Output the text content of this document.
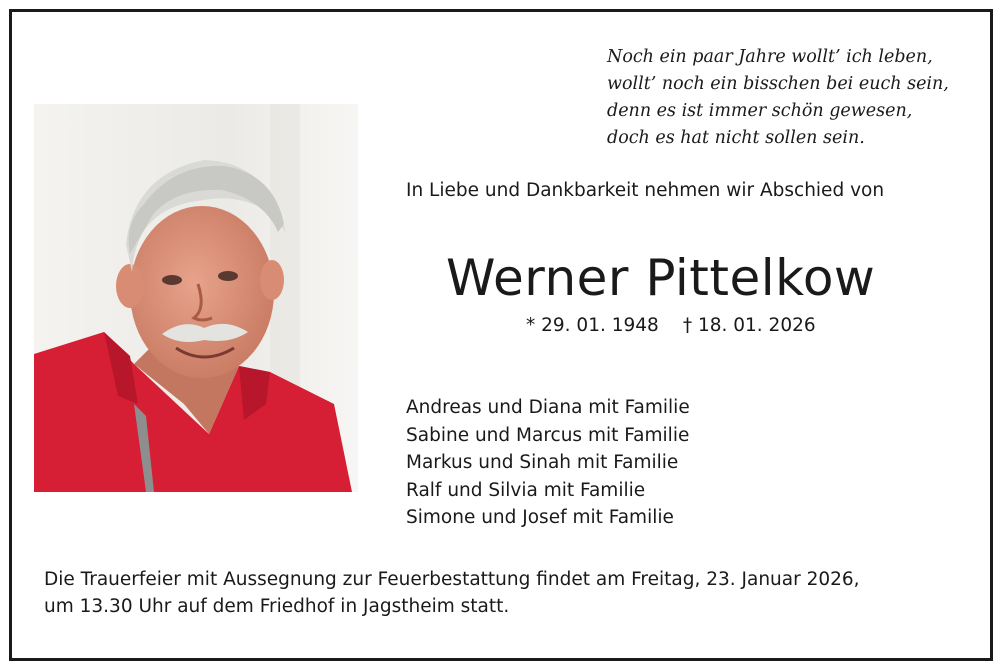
Noch ein paar Jahre wollt’ ich leben,
wollt’ noch ein bisschen bei euch sein,
denn es ist immer schön gewesen,
doch es hat nicht sollen sein.
In Liebe und Dankbarkeit nehmen wir Abschied von
Werner Pittelkow
* 29. 01. 1948 † 18. 01. 2026
Andreas und Diana mit Familie
Sabine und Marcus mit Familie
Markus und Sinah mit Familie
Ralf und Silvia mit Familie
Simone und Josef mit Familie
Die Trauerfeier mit Aussegnung zur Feuerbestattung findet am Freitag, 23. Januar 2026,
um 13.30 Uhr auf dem Friedhof in Jagstheim statt.
